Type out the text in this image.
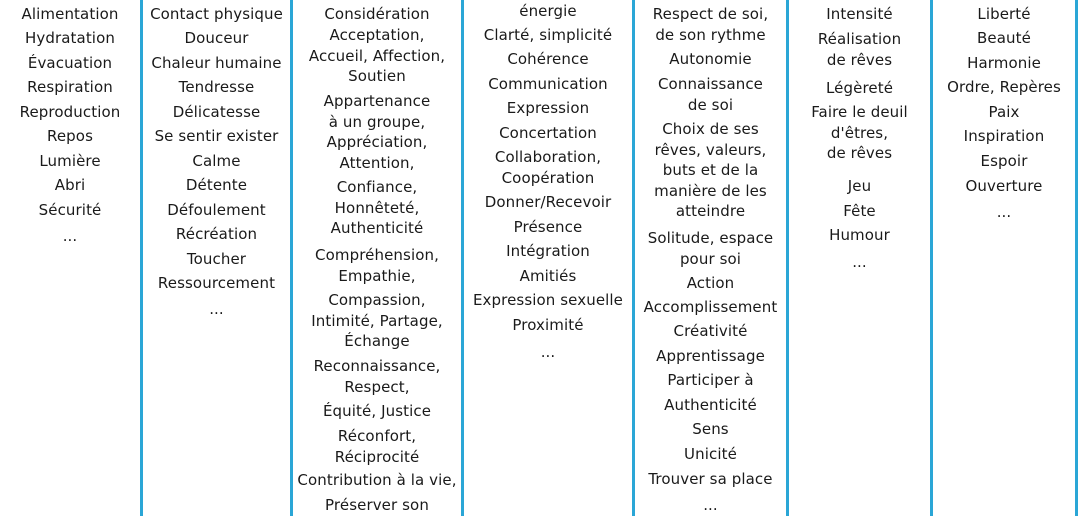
Alimentation
Hydratation
Évacuation
Respiration
Reproduction
Repos
Lumière
Abri
Sécurité
...
Contact physique
Douceur
Chaleur humaine
Tendresse
Délicatesse
Se sentir exister
Calme
Détente
Défoulement
Récréation
Toucher
Ressourcement
...
Considération
Acceptation,
Accueil, Affection,
Soutien
Appartenance
à un groupe,
Appréciation,
Attention,
Confiance,
Honnêteté,
Authenticité
Compréhension,
Empathie,
Compassion,
Intimité, Partage,
Échange
Reconnaissance,
Respect,
Équité, Justice
Réconfort,
Réciprocité
Contribution à la vie,
Préserver son
énergie
Clarté, simplicité
Cohérence
Communication
Expression
Concertation
Collaboration,
Coopération
Donner/Recevoir
Présence
Intégration
Amitiés
Expression sexuelle
Proximité
...
Respect de soi,
de son rythme
Autonomie
Connaissance
de soi
Choix de ses
rêves, valeurs,
buts et de la
manière de les
atteindre
Solitude, espace
pour soi
Action
Accomplissement
Créativité
Apprentissage
Participer à
Authenticité
Sens
Unicité
Trouver sa place
...
Intensité
Réalisation
de rêves
Légèreté
Faire le deuil
d'êtres,
de rêves
Jeu
Fête
Humour
...
Liberté
Beauté
Harmonie
Ordre, Repères
Paix
Inspiration
Espoir
Ouverture
...
